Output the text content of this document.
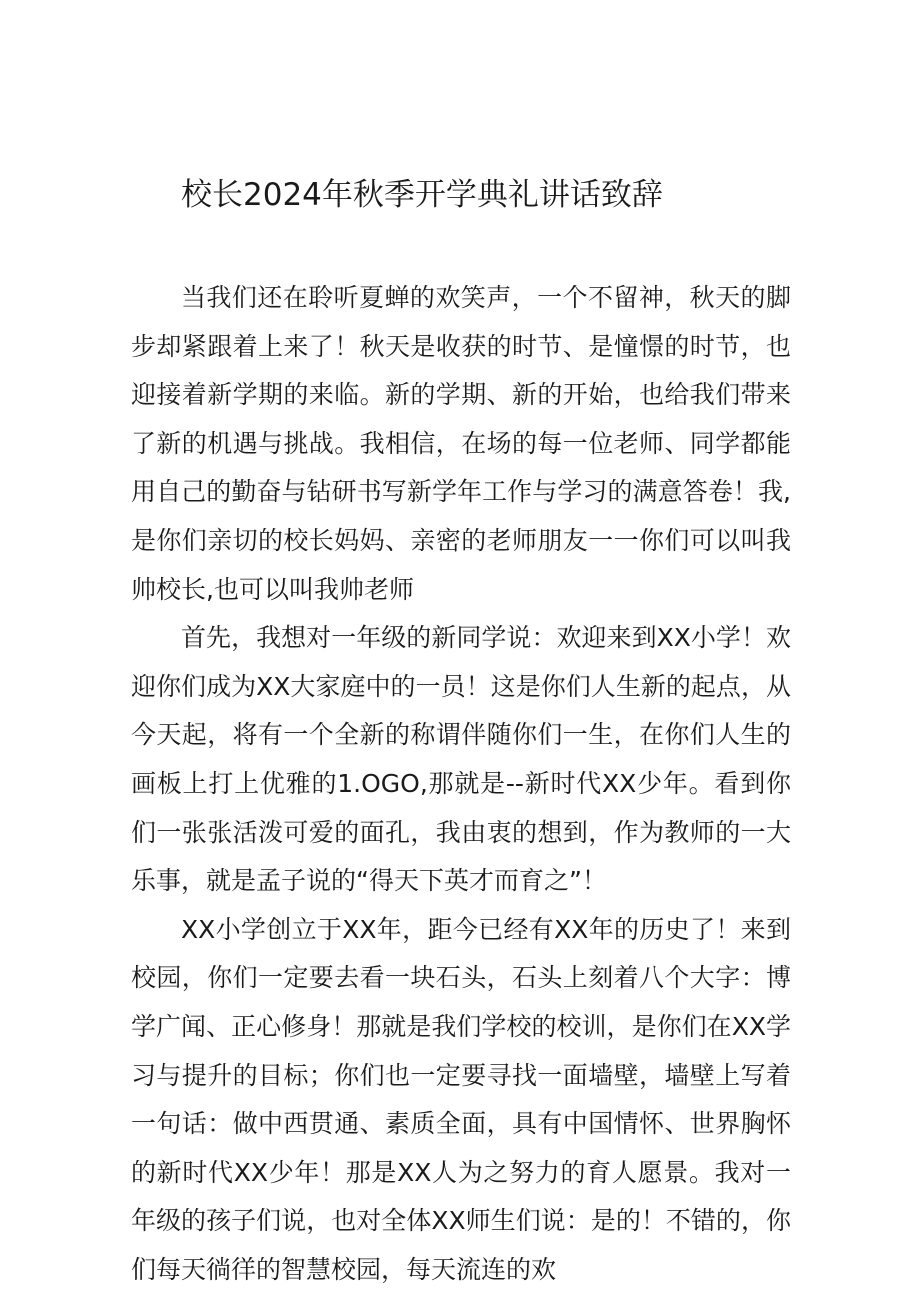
校长2024年秋季开学典礼讲话致辞

当我们还在聆听夏蝉的欢笑声，一个不留神，秋天的脚步却紧跟着上来了！秋天是收获的时节、是憧憬的时节，也迎接着新学期的来临。新的学期、新的开始，也给我们带来了新的机遇与挑战。我相信，在场的每一位老师、同学都能用自己的勤奋与钻研书写新学年工作与学习的满意答卷！我,是你们亲切的校长妈妈、亲密的老师朋友一一你们可以叫我帅校长,也可以叫我帅老师

首先，我想对一年级的新同学说：欢迎来到XX小学！欢迎你们成为XX大家庭中的一员！这是你们人生新的起点，从今天起，将有一个全新的称谓伴随你们一生，在你们人生的画板上打上优雅的1.OGO,那就是--新时代XX少年。看到你们一张张活泼可爱的面孔，我由衷的想到，作为教师的一大乐事，就是孟子说的“得天下英才而育之”！

XX小学创立于XX年，距今已经有XX年的历史了！来到校园，你们一定要去看一块石头，石头上刻着八个大字：博学广闻、正心修身！那就是我们学校的校训，是你们在XX学习与提升的目标；你们也一定要寻找一面墙壁，墙壁上写着一句话：做中西贯通、素质全面，具有中国情怀、世界胸怀的新时代XX少年！那是XX人为之努力的育人愿景。我对一年级的孩子们说，也对全体XX师生们说：是的！不错的，你们每天徜徉的智慧校园，每天流连的欢
